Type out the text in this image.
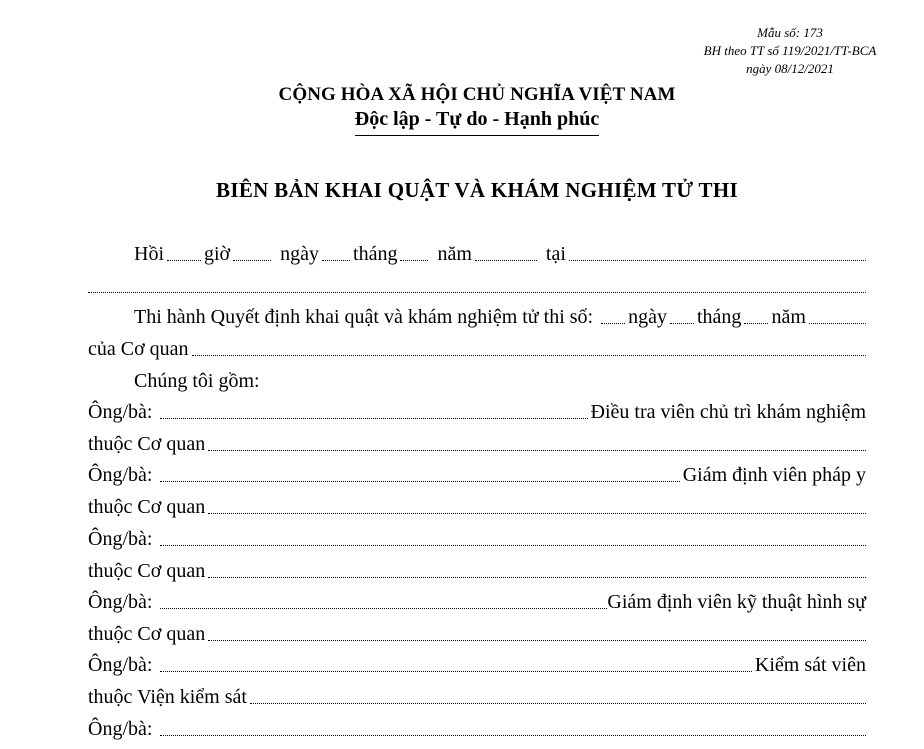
Mẫu số: 173
BH theo TT số 119/2021/TT-BCA
ngày 08/12/2021
CỘNG HÒA XÃ HỘI CHỦ NGHĨA VIỆT NAM
Độc lập - Tự do - Hạnh phúc
BIÊN BẢN KHAI QUẬT VÀ KHÁM NGHIỆM TỬ THI
Hồi giờ	ngày tháng năm	tại
Thi hành Quyết định khai quật và khám nghiệm tử thi số: ngày tháng năm
của Cơ quan
Chúng tôi gồm:
Ông/bà:	Điều tra viên chủ trì khám nghiệm
thuộc Cơ quan
Ông/bà:	Giám định viên pháp y
thuộc Cơ quan
Ông/bà:
thuộc Cơ quan
Ông/bà:	Giám định viên kỹ thuật hình sự
thuộc Cơ quan
Ông/bà:	Kiểm sát viên
thuộc Viện kiểm sát
Ông/bà:
